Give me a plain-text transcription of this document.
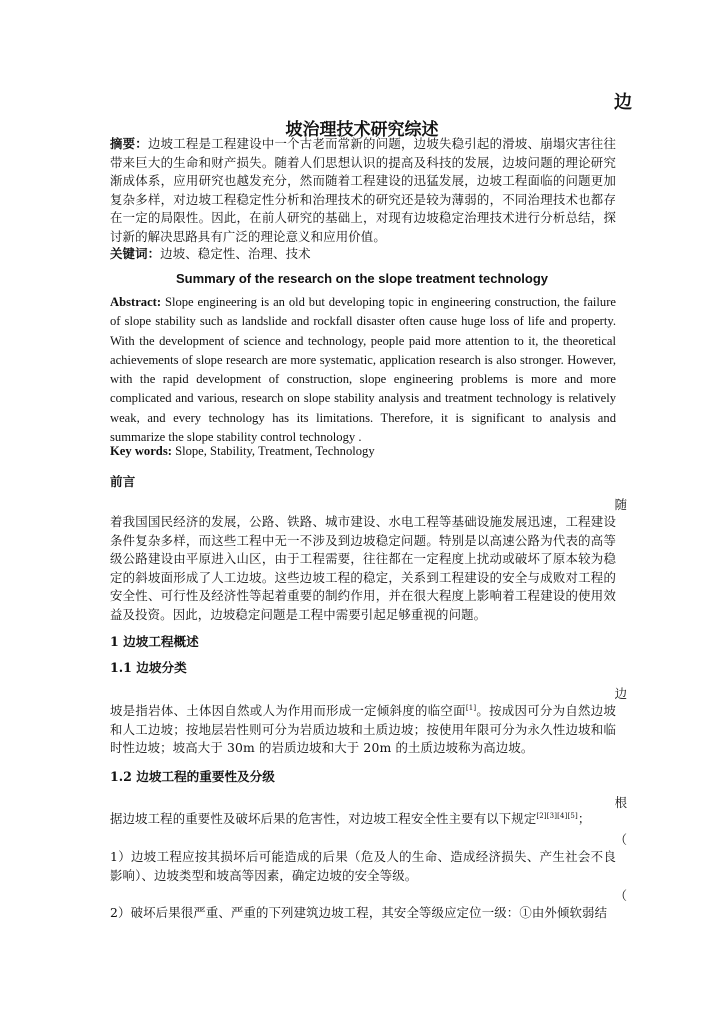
边
坡治理技术研究综述
摘要：边坡工程是工程建设中一个古老而常新的问题，边坡失稳引起的滑坡、崩塌灾害往往带来巨大的生命和财产损失。随着人们思想认识的提高及科技的发展，边坡问题的理论研究渐成体系，应用研究也越发充分，然而随着工程建设的迅猛发展，边坡工程面临的问题更加复杂多样，对边坡工程稳定性分析和治理技术的研究还是较为薄弱的，不同治理技术也都存在一定的局限性。因此，在前人研究的基础上，对现有边坡稳定治理技术进行分析总结，探讨新的解决思路具有广泛的理论意义和应用价值。
关键词：边坡、稳定性、治理、技术
Summary of the research on the slope treatment technology
Abstract: Slope engineering is an old but developing topic in engineering construction, the failure of slope stability such as landslide and rockfall disaster often cause huge loss of life and property. With the development of science and technology, people paid more attention to it, the theoretical achievements of slope research are more systematic, application research is also stronger. However, with the rapid development of construction, slope engineering problems is more and more complicated and various, research on slope stability analysis and treatment technology is relatively weak, and every technology has its limitations. Therefore, it is significant to analysis and summarize the slope stability control technology .
Key words: Slope, Stability, Treatment, Technology
前言
随
着我国国民经济的发展，公路、铁路、城市建设、水电工程等基础设施发展迅速，工程建设条件复杂多样，而这些工程中无一不涉及到边坡稳定问题。特别是以高速公路为代表的高等级公路建设由平原进入山区，由于工程需要，往往都在一定程度上扰动或破坏了原本较为稳定的斜坡面形成了人工边坡。这些边坡工程的稳定，关系到工程建设的安全与成败对工程的安全性、可行性及经济性等起着重要的制约作用，并在很大程度上影响着工程建设的使用效益及投资。因此，边坡稳定问题是工程中需要引起足够重视的问题。
1 边坡工程概述
1.1 边坡分类
边
坡是指岩体、土体因自然或人为作用而形成一定倾斜度的临空面[1]。按成因可分为自然边坡和人工边坡；按地层岩性则可分为岩质边坡和土质边坡；按使用年限可分为永久性边坡和临时性边坡；坡高大于 30m 的岩质边坡和大于 20m 的土质边坡称为高边坡。
1.2 边坡工程的重要性及分级
根
据边坡工程的重要性及破坏后果的危害性，对边坡工程安全性主要有以下规定[2][3][4][5]；
（
1）边坡工程应按其损坏后可能造成的后果（危及人的生命、造成经济损失、产生社会不良影响）、边坡类型和坡高等因素，确定边坡的安全等级。
（
2）破坏后果很严重、严重的下列建筑边坡工程，其安全等级应定位一级：①由外倾软弱结
